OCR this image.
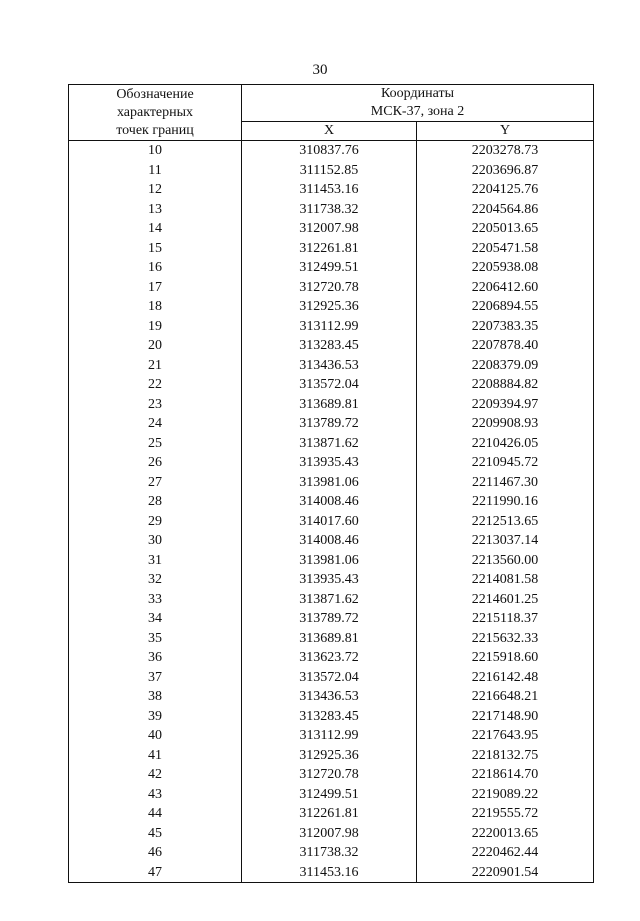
30
Обозначение
характерных
точек границ	Координаты
МСК-37, зона 2	

	X	Y
10	310837.76	2203278.73
11	311152.85	2203696.87
12	311453.16	2204125.76
13	311738.32	2204564.86
14	312007.98	2205013.65
15	312261.81	2205471.58
16	312499.51	2205938.08
17	312720.78	2206412.60
18	312925.36	2206894.55
19	313112.99	2207383.35
20	313283.45	2207878.40
21	313436.53	2208379.09
22	313572.04	2208884.82
23	313689.81	2209394.97
24	313789.72	2209908.93
25	313871.62	2210426.05
26	313935.43	2210945.72
27	313981.06	2211467.30
28	314008.46	2211990.16
29	314017.60	2212513.65
30	314008.46	2213037.14
31	313981.06	2213560.00
32	313935.43	2214081.58
33	313871.62	2214601.25
34	313789.72	2215118.37
35	313689.81	2215632.33
36	313623.72	2215918.60
37	313572.04	2216142.48
38	313436.53	2216648.21
39	313283.45	2217148.90
40	313112.99	2217643.95
41	312925.36	2218132.75
42	312720.78	2218614.70
43	312499.51	2219089.22
44	312261.81	2219555.72
45	312007.98	2220013.65
46	311738.32	2220462.44
47	311453.16	2220901.54
